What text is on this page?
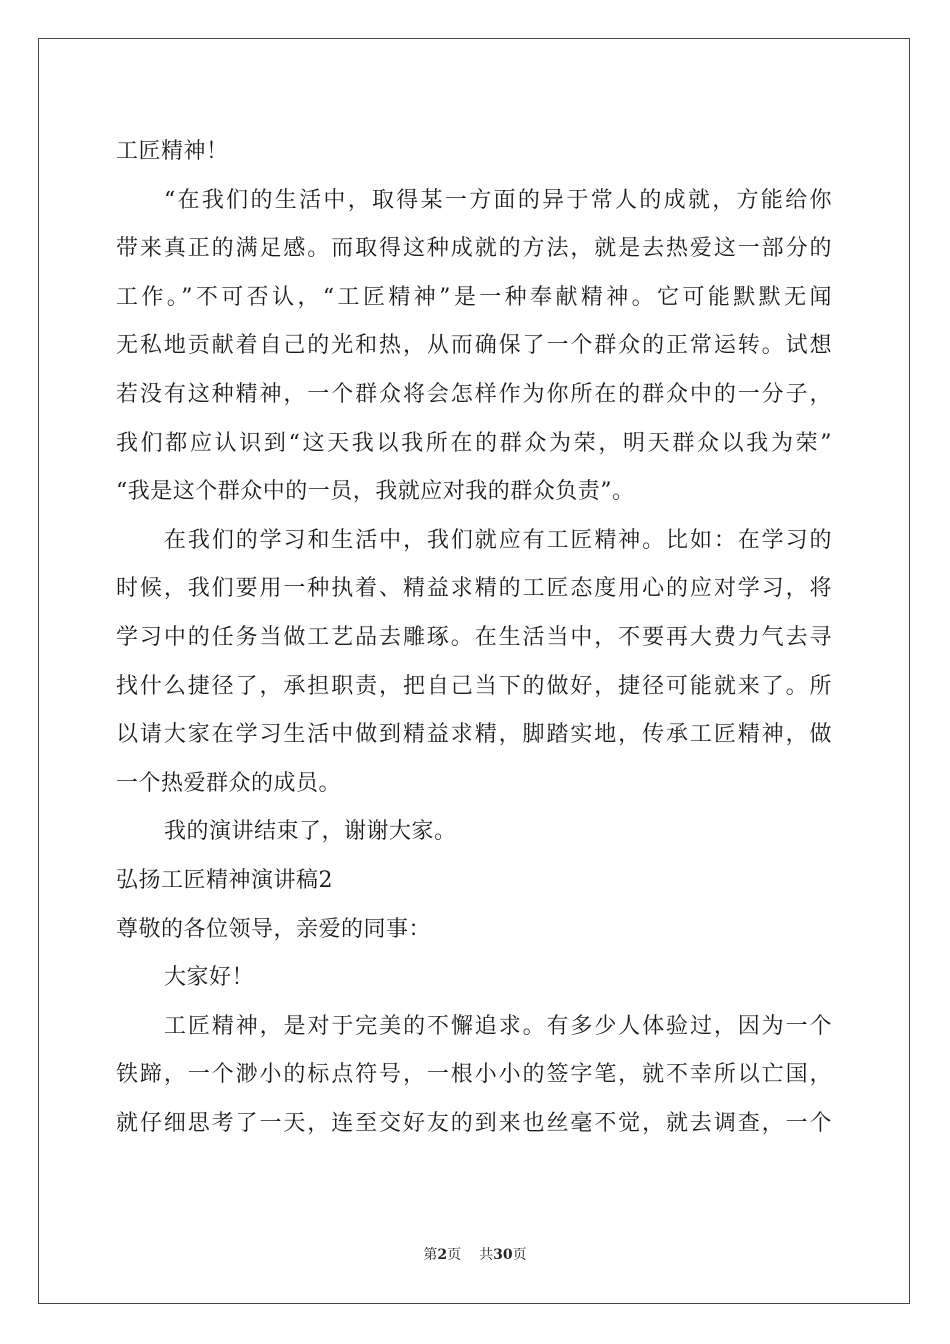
工匠精神！
“在我们的生活中，取得某一方面的异于常人的成就，方能给你
带来真正的满足感。而取得这种成就的方法，就是去热爱这一部分的
工作。”不可否认，“工匠精神”是一种奉献精神。它可能默默无闻
无私地贡献着自己的光和热，从而确保了一个群众的正常运转。试想
若没有这种精神，一个群众将会怎样作为你所在的群众中的一分子，
我们都应认识到“这天我以我所在的群众为荣，明天群众以我为荣”
“我是这个群众中的一员，我就应对我的群众负责”。
在我们的学习和生活中，我们就应有工匠精神。比如：在学习的
时候，我们要用一种执着、精益求精的工匠态度用心的应对学习，将
学习中的任务当做工艺品去雕琢。在生活当中，不要再大费力气去寻
找什么捷径了，承担职责，把自己当下的做好，捷径可能就来了。所
以请大家在学习生活中做到精益求精，脚踏实地，传承工匠精神，做
一个热爱群众的成员。
我的演讲结束了，谢谢大家。
弘扬工匠精神演讲稿2
尊敬的各位领导，亲爱的同事：
大家好！
工匠精神，是对于完美的不懈追求。有多少人体验过，因为一个
铁蹄，一个渺小的标点符号，一根小小的签字笔，就不幸所以亡国，
就仔细思考了一天，连至交好友的到来也丝毫不觉，就去调查，一个
第2页 共30页
